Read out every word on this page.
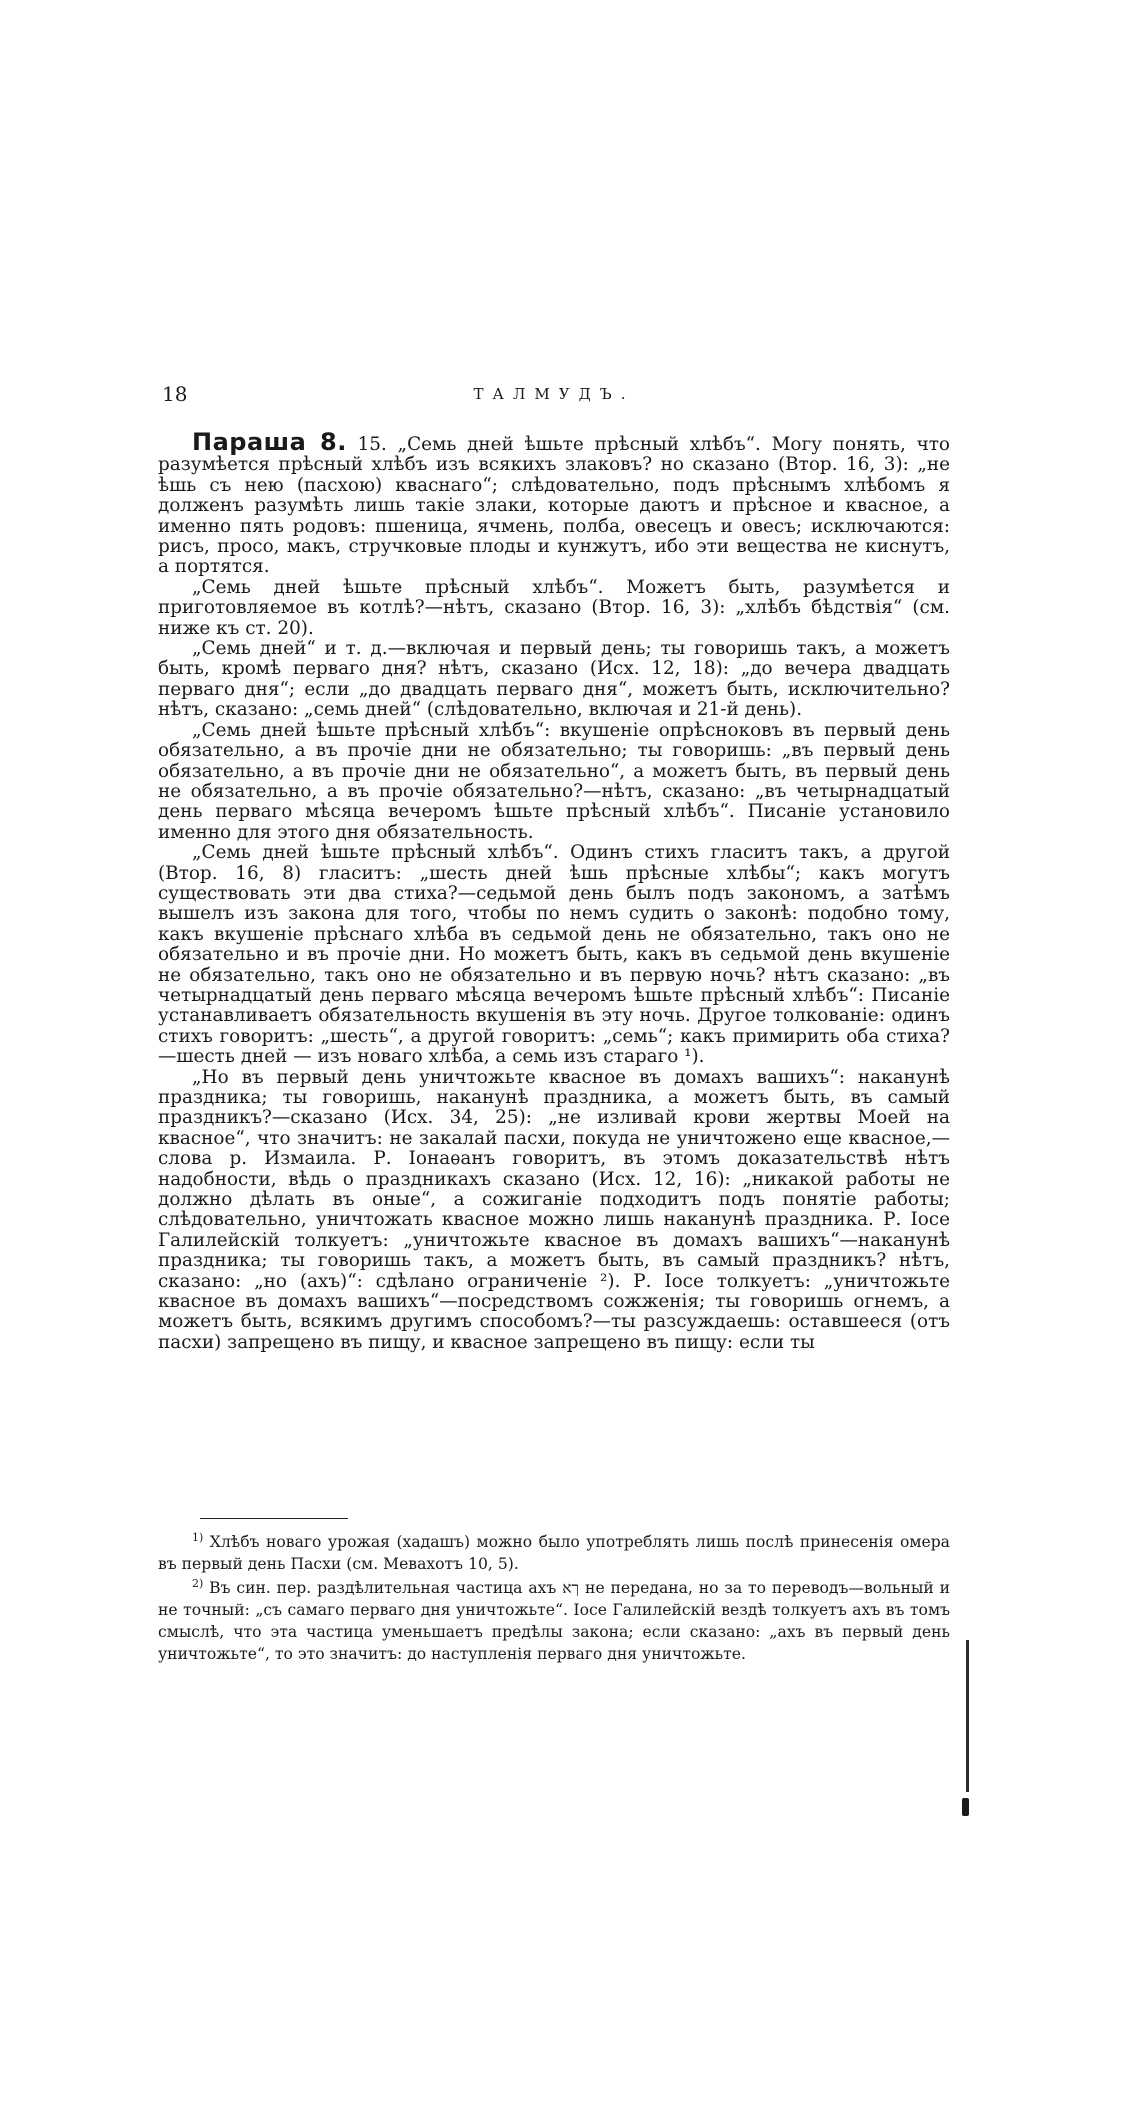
18	ТАЛМУДЪ.

Параша 8. 15. „Семь дней ѣшьте прѣсный хлѣбъ“. Могу понять, что разумѣется прѣсный хлѣбъ изъ всякихъ злаковъ? но сказано (Втор. 16, 3): „не ѣшь съ нею (пасхою) кваснаго“; слѣдовательно, подъ прѣснымъ хлѣбомъ я долженъ разумѣть лишь такіе злаки, которые даютъ и прѣсное и квасное, а именно пять родовъ: пшеница, ячмень, полба, овесецъ и овесъ; исключаются: рисъ, просо, макъ, стручковые плоды и кунжутъ, ибо эти вещества не киснутъ, а портятся.

„Семь дней ѣшьте прѣсный хлѣбъ“. Можетъ быть, разумѣется и приготовляемое въ котлѣ?—нѣтъ, сказано (Втор. 16, 3): „хлѣбъ бѣдствія“ (см. ниже къ ст. 20).

„Семь дней“ и т. д.—включая и первый день; ты говоришь такъ, а можетъ быть, кромѣ перваго дня? нѣтъ, сказано (Исх. 12, 18): „до вечера двадцать перваго дня“; если „до двадцать перваго дня“, можетъ быть, исключительно? нѣтъ, сказано: „семь дней“ (слѣдовательно, включая и 21-й день).

„Семь дней ѣшьте прѣсный хлѣбъ“: вкушеніе опрѣсноковъ въ первый день обязательно, а въ прочіе дни не обязательно; ты говоришь: „въ первый день обязательно, а въ прочіе дни не обязательно“, а можетъ быть, въ первый день не обязательно, а въ прочіе обязательно?—нѣтъ, сказано: „въ четырнадцатый день перваго мѣсяца вечеромъ ѣшьте прѣсный хлѣбъ“. Писаніе установило именно для этого дня обязательность.

„Семь дней ѣшьте прѣсный хлѣбъ“. Одинъ стихъ гласитъ такъ, а другой (Втор. 16, 8) гласитъ: „шесть дней ѣшь прѣсные хлѣбы“; какъ могутъ существовать эти два стиха?—седьмой день былъ подъ закономъ, а затѣмъ вышелъ изъ закона для того, чтобы по немъ судить о законѣ: подобно тому, какъ вкушеніе прѣснаго хлѣба въ седьмой день не обязательно, такъ оно не обязательно и въ прочіе дни. Но можетъ быть, какъ въ седьмой день вкушеніе не обязательно, такъ оно не обязательно и въ первую ночь? нѣтъ сказано: „въ четырнадцатый день перваго мѣсяца вечеромъ ѣшьте прѣсный хлѣбъ“: Писаніе устанавливаетъ обязательность вкушенія въ эту ночь. Другое толкованіе: одинъ стихъ говоритъ: „шесть“, а другой говоритъ: „семь“; какъ примирить оба стиха? —шесть дней — изъ новаго хлѣба, а семь изъ стараго ¹).

„Но въ первый день уничтожьте квасное въ домахъ вашихъ“: наканунѣ праздника; ты говоришь, наканунѣ праздника, а можетъ быть, въ самый праздникъ?—сказано (Исх. 34, 25): „не изливай крови жертвы Моей на квасное“, что значитъ: не закалай пасхи, покуда не уничтожено еще квасное,—слова р. Измаила. Р. Іонаѳанъ говоритъ, въ этомъ доказательствѣ нѣтъ надобности, вѣдь о праздникахъ сказано (Исх. 12, 16): „никакой работы не должно дѣлать въ оные“, а сожиганіе подходитъ подъ понятіе работы; слѣдовательно, уничтожать квасное можно лишь наканунѣ праздника. Р. Іосе Галилейскій толкуетъ: „уничтожьте квасное въ домахъ вашихъ“—наканунѣ праздника; ты говоришь такъ, а можетъ быть, въ самый праздникъ? нѣтъ, сказано: „но (ахъ)“: сдѣлано ограниченіе ²). Р. Іосе толкуетъ: „уничтожьте квасное въ домахъ вашихъ“—посредствомъ сожженія; ты говоришь огнемъ, а можетъ быть, всякимъ другимъ способомъ?—ты разсуждаешь: оставшееся (отъ пасхи) запрещено въ пищу, и квасное запрещено въ пищу: если ты

$^{1)}$ Хлѣбъ новаго урожая (хадашъ) можно было употреблять лишь послѣ принесенія омера въ первый день Пасхи (см. Мевахотъ 10, 5).

$^{2)}$ Въ син. пер. раздѣлительная частица ахъ ךא не передана, но за то переводъ—вольный и не точный: „съ самаго перваго дня уничтожьте“. Іосе Галилейскій вездѣ толкуетъ ахъ въ томъ смыслѣ, что эта частица уменьшаетъ предѣлы закона; если сказано: „ахъ въ первый день уничтожьте“, то это значитъ: до наступленія перваго дня уничтожьте.
